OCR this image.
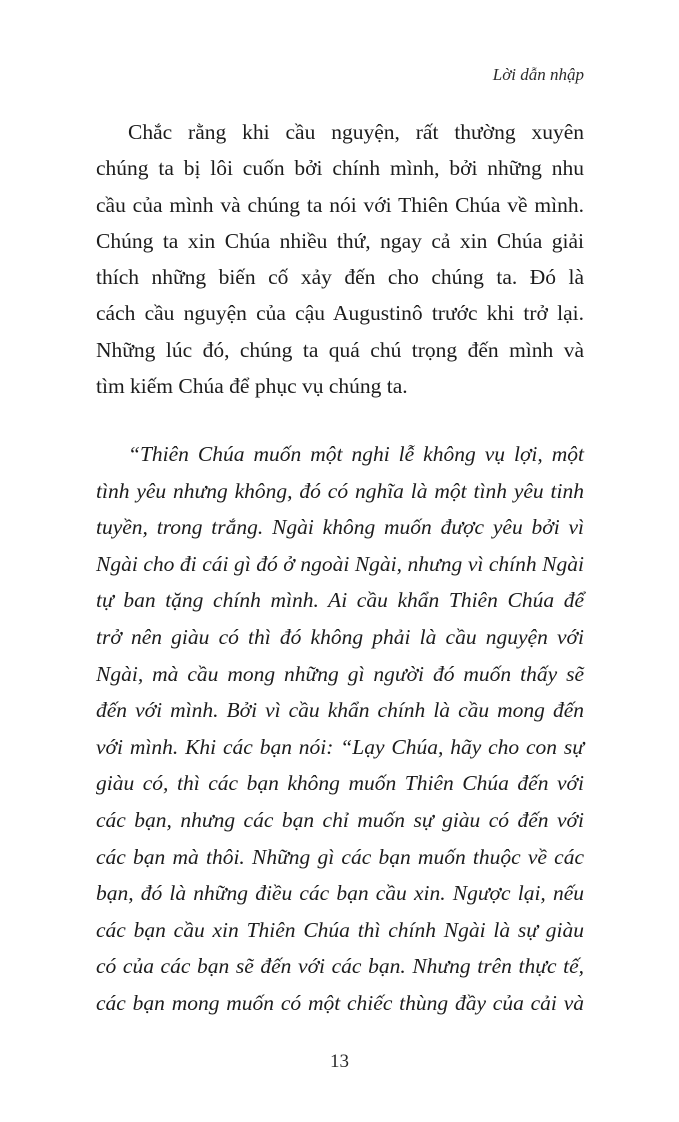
Lời dẫn nhập
Chắc rằng khi cầu nguyện, rất thường xuyên
chúng ta bị lôi cuốn bởi chính mình, bởi những nhu
cầu của mình và chúng ta nói với Thiên Chúa về mình.
Chúng ta xin Chúa nhiều thứ, ngay cả xin Chúa giải
thích những biến cố xảy đến cho chúng ta. Đó là
cách cầu nguyện của cậu Augustinô trước khi trở lại.
Những lúc đó, chúng ta quá chú trọng đến mình và
tìm kiếm Chúa để phục vụ chúng ta.
“Thiên Chúa muốn một nghi lễ không vụ lợi, một
tình yêu nhưng không, đó có nghĩa là một tình yêu tinh
tuyền, trong trắng. Ngài không muốn được yêu bởi vì
Ngài cho đi cái gì đó ở ngoài Ngài, nhưng vì chính Ngài
tự ban tặng chính mình. Ai cầu khẩn Thiên Chúa để
trở nên giàu có thì đó không phải là cầu nguyện với
Ngài, mà cầu mong những gì người đó muốn thấy sẽ
đến với mình. Bởi vì cầu khẩn chính là cầu mong đến
với mình. Khi các bạn nói: “Lạy Chúa, hãy cho con sự
giàu có, thì các bạn không muốn Thiên Chúa đến với
các bạn, nhưng các bạn chỉ muốn sự giàu có đến với
các bạn mà thôi. Những gì các bạn muốn thuộc về các
bạn, đó là những điều các bạn cầu xin. Ngược lại, nếu
các bạn cầu xin Thiên Chúa thì chính Ngài là sự giàu
có của các bạn sẽ đến với các bạn. Nhưng trên thực tế,
các bạn mong muốn có một chiếc thùng đầy của cải và
13
